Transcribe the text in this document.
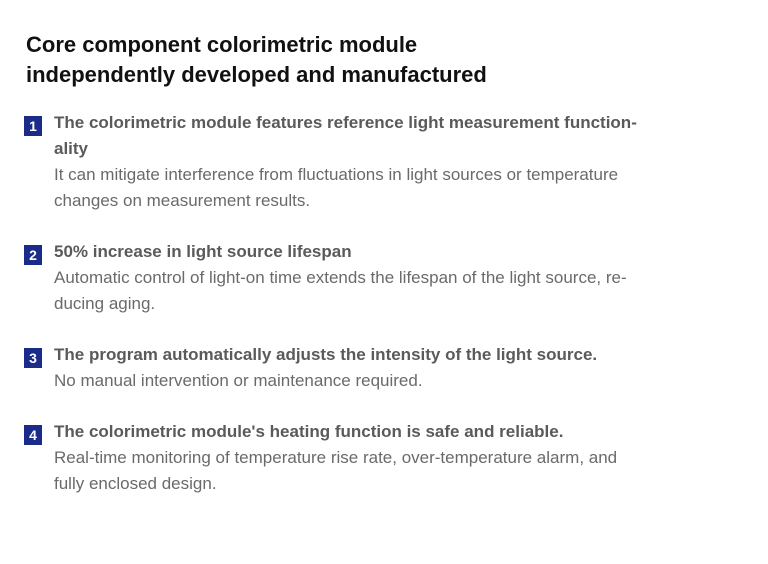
Core component colorimetric module
independently developed and manufactured
1	The colorimetric module features reference light measurement function-
ality
It can mitigate interference from fluctuations in light sources or temperature
changes on measurement results.
2	50% increase in light source lifespan
Automatic control of light-on time extends the lifespan of the light source, re-
ducing aging.
3	The program automatically adjusts the intensity of the light source.
No manual intervention or maintenance required.
4	The colorimetric module's heating function is safe and reliable.
Real-time monitoring of temperature rise rate, over-temperature alarm, and
fully enclosed design.
